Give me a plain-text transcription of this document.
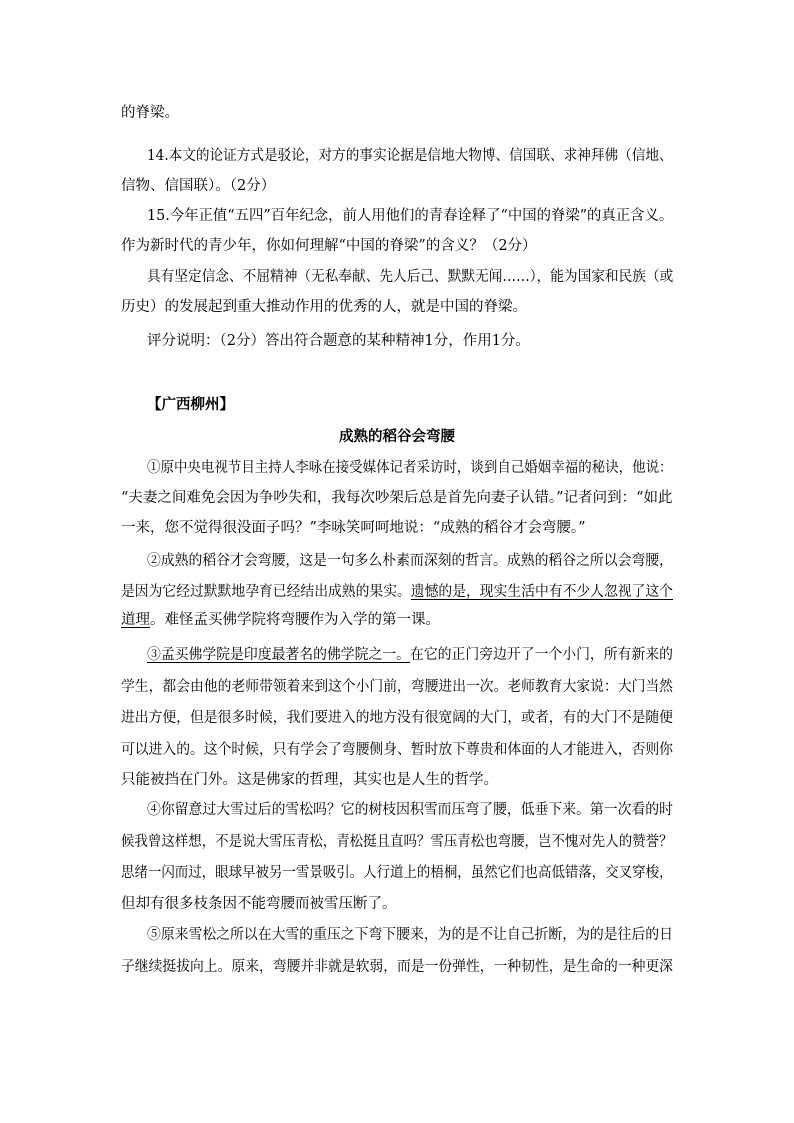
的脊梁。
14.本文的论证方式是驳论，对方的事实论据是信地大物博、信国联、求神拜佛（信地、
信物、信国联）。（2分）
15.今年正值“五四”百年纪念，前人用他们的青春诠释了“中国的脊梁”的真正含义。
作为新时代的青少年，你如何理解“中国的脊梁”的含义？（2分）
具有坚定信念、不屈精神（无私奉献、先人后己、默默无闻……），能为国家和民族（或
历史）的发展起到重大推动作用的优秀的人，就是中国的脊梁。
评分说明：（2分）答出符合题意的某种精神1分，作用1分。
【广西柳州】
成熟的稻谷会弯腰
①原中央电视节目主持人李咏在接受媒体记者采访时，谈到自己婚姻幸福的秘诀，他说：
“夫妻之间难免会因为争吵失和，我每次吵架后总是首先向妻子认错。”记者问到：“如此
一来，您不觉得很没面子吗？”李咏笑呵呵地说：“成熟的稻谷才会弯腰。”
②成熟的稻谷才会弯腰，这是一句多么朴素而深刻的哲言。成熟的稻谷之所以会弯腰，
是因为它经过默默地孕育已经结出成熟的果实。遗憾的是，现实生活中有不少人忽视了这个
道理。难怪孟买佛学院将弯腰作为入学的第一课。
③孟买佛学院是印度最著名的佛学院之一。在它的正门旁边开了一个小门，所有新来的
学生，都会由他的老师带领着来到这个小门前，弯腰进出一次。老师教育大家说：大门当然
进出方便，但是很多时候，我们要进入的地方没有很宽阔的大门，或者，有的大门不是随便
可以进入的。这个时候，只有学会了弯腰侧身、暂时放下尊贵和体面的人才能进入，否则你
只能被挡在门外。这是佛家的哲理，其实也是人生的哲学。
④你留意过大雪过后的雪松吗？它的树枝因积雪而压弯了腰，低垂下来。第一次看的时
候我曾这样想，不是说大雪压青松，青松挺且直吗？雪压青松也弯腰，岂不愧对先人的赞誉？
思绪一闪而过，眼球早被另一雪景吸引。人行道上的梧桐，虽然它们也高低错落，交叉穿梭，
但却有很多枝条因不能弯腰而被雪压断了。
⑤原来雪松之所以在大雪的重压之下弯下腰来，为的是不让自己折断，为的是往后的日
子继续挺拔向上。原来，弯腰并非就是软弱，而是一份弹性，一种韧性，是生命的一种更深
